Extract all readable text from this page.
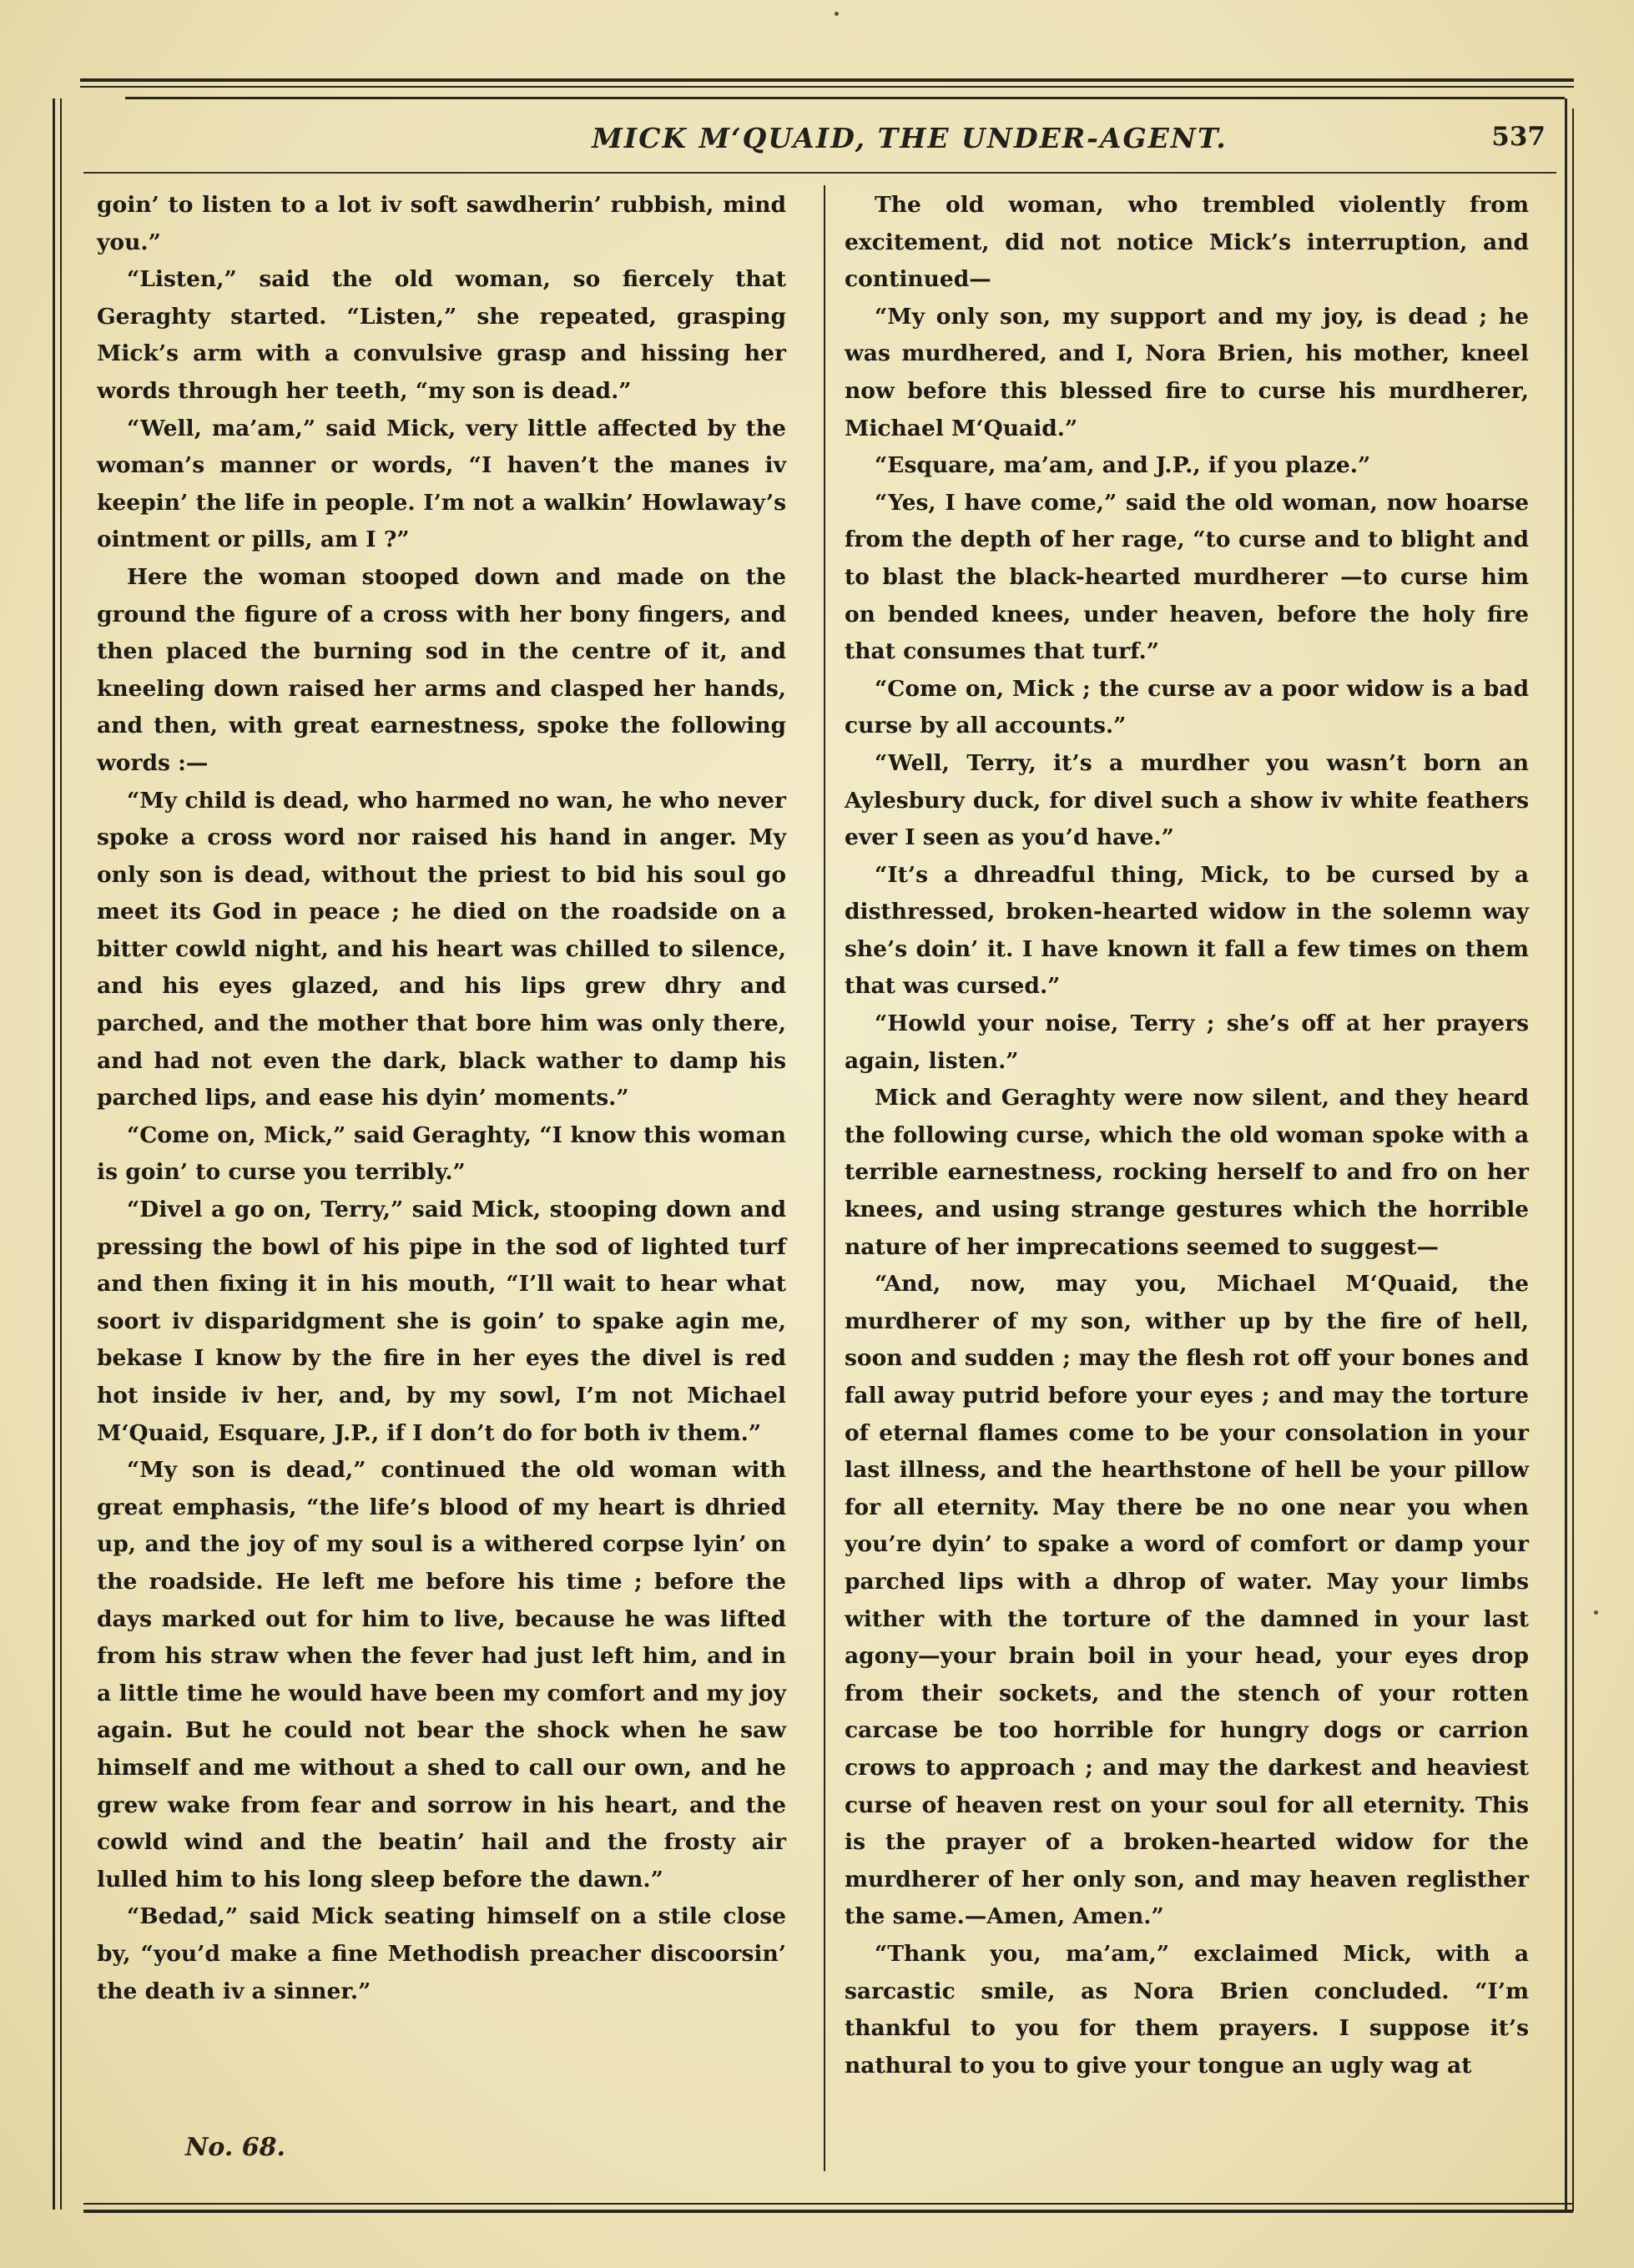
MICK M‘QUAID, THE UNDER-AGENT.	537

goin’ to listen to a lot iv soft sawdherin’ rubbish, mind you.”

“Listen,” said the old woman, so fiercely that Geraghty started. “Listen,” she repeated, grasping Mick’s arm with a convulsive grasp and hissing her words through her teeth, “my son is dead.”

“Well, ma’am,” said Mick, very little affected by the woman’s manner or words, “I haven’t the manes iv keepin’ the life in people. I’m not a walkin’ Howlaway’s ointment or pills, am I ?”

Here the woman stooped down and made on the ground the figure of a cross with her bony fingers, and then placed the burning sod in the centre of it, and kneeling down raised her arms and clasped her hands, and then, with great earnestness, spoke the following words :—

“My child is dead, who harmed no wan, he who never spoke a cross word nor raised his hand in anger. My only son is dead, without the priest to bid his soul go meet its God in peace ; he died on the roadside on a bitter cowld night, and his heart was chilled to silence, and his eyes glazed, and his lips grew dhry and parched, and the mother that bore him was only there, and had not even the dark, black wather to damp his parched lips, and ease his dyin’ moments.”

“Come on, Mick,” said Geraghty, “I know this woman is goin’ to curse you terribly.”

“Divel a go on, Terry,” said Mick, stooping down and pressing the bowl of his pipe in the sod of lighted turf and then fixing it in his mouth, “I’ll wait to hear what soort iv disparidgment she is goin’ to spake agin me, bekase I know by the fire in her eyes the divel is red hot inside iv her, and, by my sowl, I’m not Michael M‘Quaid, Esquare, J.P., if I don’t do for both iv them.”

“My son is dead,” continued the old woman with great emphasis, “the life’s blood of my heart is dhried up, and the joy of my soul is a withered corpse lyin’ on the roadside. He left me before his time ; before the days marked out for him to live, because he was lifted from his straw when the fever had just left him, and in a little time he would have been my comfort and my joy again. But he could not bear the shock when he saw himself and me without a shed to call our own, and he grew wake from fear and sorrow in his heart, and the cowld wind and the beatin’ hail and the frosty air lulled him to his long sleep before the dawn.”

“Bedad,” said Mick seating himself on a stile close by, “you’d make a fine Methodish preacher discoorsin’ the death iv a sinner.”

The old woman, who trembled violently from excitement, did not notice Mick’s interruption, and continued—

“My only son, my support and my joy, is dead ; he was murdhered, and I, Nora Brien, his mother, kneel now before this blessed fire to curse his murdherer, Michael M‘Quaid.”

“Esquare, ma’am, and J.P., if you plaze.”

“Yes, I have come,” said the old woman, now hoarse from the depth of her rage, “to curse and to blight and to blast the black-hearted murdherer —to curse him on bended knees, under heaven, before the holy fire that consumes that turf.”

“Come on, Mick ; the curse av a poor widow is a bad curse by all accounts.”

“Well, Terry, it’s a murdher you wasn’t born an Aylesbury duck, for divel such a show iv white feathers ever I seen as you’d have.”

“It’s a dhreadful thing, Mick, to be cursed by a disthressed, broken-hearted widow in the solemn way she’s doin’ it. I have known it fall a few times on them that was cursed.”

“Howld your noise, Terry ; she’s off at her prayers again, listen.”

Mick and Geraghty were now silent, and they heard the following curse, which the old woman spoke with a terrible earnestness, rocking herself to and fro on her knees, and using strange gestures which the horrible nature of her imprecations seemed to suggest—

“And, now, may you, Michael M‘Quaid, the murdherer of my son, wither up by the fire of hell, soon and sudden ; may the flesh rot off your bones and fall away putrid before your eyes ; and may the torture of eternal flames come to be your consolation in your last illness, and the hearthstone of hell be your pillow for all eternity. May there be no one near you when you’re dyin’ to spake a word of comfort or damp your parched lips with a dhrop of water. May your limbs wither with the torture of the damned in your last agony—your brain boil in your head, your eyes drop from their sockets, and the stench of your rotten carcase be too horrible for hungry dogs or carrion crows to approach ; and may the darkest and heaviest curse of heaven rest on your soul for all eternity. This is the prayer of a broken-hearted widow for the murdherer of her only son, and may heaven reglisther the same.—Amen, Amen.”

“Thank you, ma’am,” exclaimed Mick, with a sarcastic smile, as Nora Brien concluded. “I’m thankful to you for them prayers. I suppose it’s nathural to you to give your tongue an ugly wag at

No. 68.
